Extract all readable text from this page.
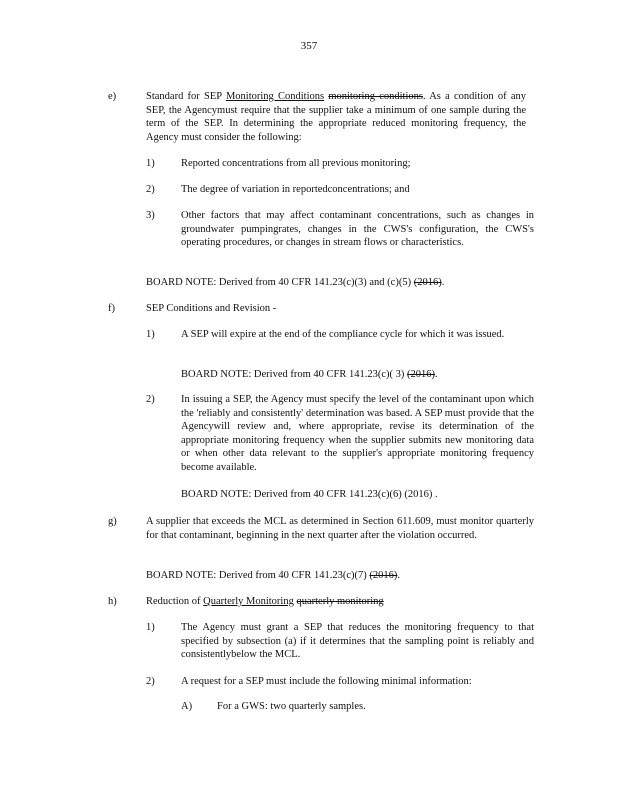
357
e)	Standard for SEP Monitoring Conditions monitoring conditions. As a condition of any SEP, the Agencymust require that the supplier take a minimum of one sample during the term of the SEP. In determining the appropriate reduced monitoring frequency, the Agency must consider the following:
1)	Reported concentrations from all previous monitoring;
2)	The degree of variation in reportedconcentrations; and
3)	Other factors that may affect contaminant concentrations, such as changes in groundwater pumpingrates, changes in the CWS's configuration, the CWS's operating procedures, or changes in stream flows or characteristics.
BOARD NOTE: Derived from 40 CFR 141.23(c)(3) and (c)(5) (2016).
f)	SEP Conditions and Revision -
1)	A SEP will expire at the end of the compliance cycle for which it was issued.
BOARD NOTE: Derived from 40 CFR 141.23(c)( 3) (2016).
2)	In issuing a SEP, the Agency must specify the level of the contaminant upon which the 'reliably and consistently' determination was based. A SEP must provide that the Agencywill review and, where appropriate, revise its determination of the appropriate monitoring frequency when the supplier submits new monitoring data or when other data relevant to the supplier's appropriate monitoring frequency become available.
BOARD NOTE: Derived from 40 CFR 141.23(c)(6) (2016) .
g)	A supplier that exceeds the MCL as determined in Section 611.609, must monitor quarterly for that contaminant, beginning in the next quarter after the violation occurred.
BOARD NOTE: Derived from 40 CFR 141.23(c)(7) (2016).
h)	Reduction of Quarterly Monitoring quarterly monitoring
1)	The Agency must grant a SEP that reduces the monitoring frequency to that specified by subsection (a) if it determines that the sampling point is reliably and consistentlybelow the MCL.
2)	A request for a SEP must include the following minimal information:
A)	For a GWS: two quarterly samples.
